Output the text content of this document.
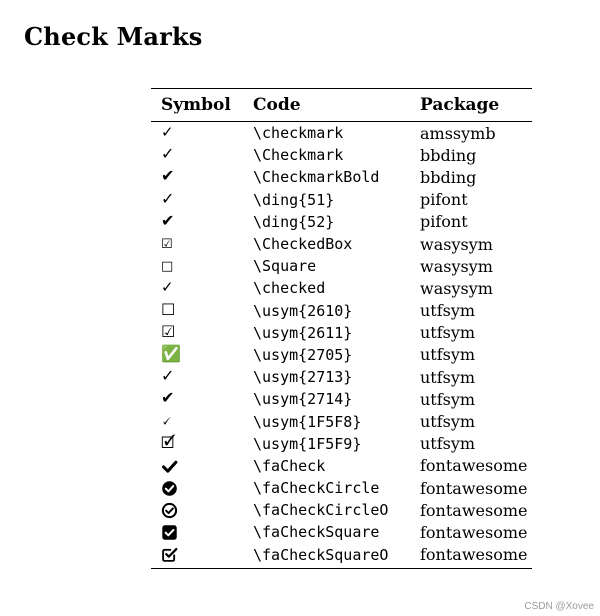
Check Marks
Symbol	Code	Package
✓	\checkmark	amssymb
✓	\Checkmark	bbding
✔	\CheckmarkBold	bbding
✓	\ding{51}	pifont
✔	\ding{52}	pifont
☑	\CheckedBox	wasysym
□	\Square	wasysym
✓	\checked	wasysym
☐	\usym{2610}	utfsym
☑	\usym{2611}	utfsym
✅	\usym{2705}	utfsym
✓	\usym{2713}	utfsym
✔	\usym{2714}	utfsym
🗸	\usym{1F5F8}	utfsym
🗹	\usym{1F5F9}	utfsym
	\faCheck	fontawesome
	\faCheckCircle	fontawesome
	\faCheckCircleO	fontawesome
	\faCheckSquare	fontawesome
	\faCheckSquareO	fontawesome
CSDN @Xovee
